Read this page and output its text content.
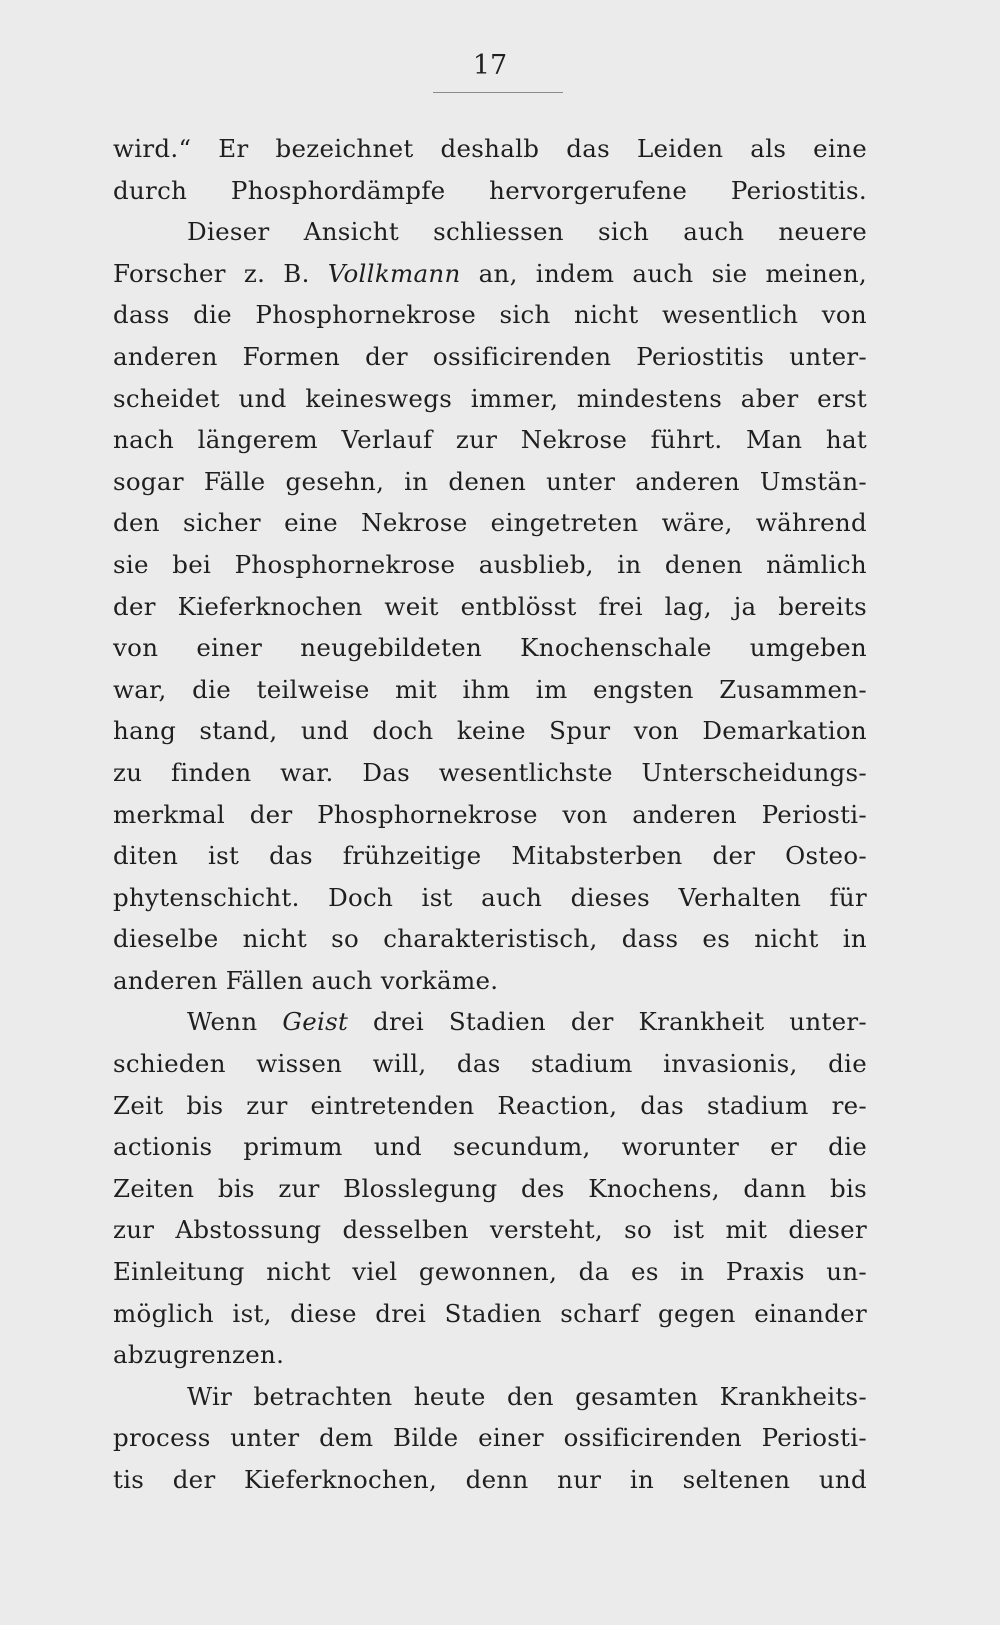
17
wird.“ Er bezeichnet deshalb das Leiden als eine
durch Phosphordämpfe hervorgerufene Periostitis.
Dieser Ansicht schliessen sich auch neuere
Forscher z. B. Vollkmann an, indem auch sie meinen,
dass die Phosphornekrose sich nicht wesentlich von
anderen Formen der ossificirenden Periostitis unter-
scheidet und keineswegs immer, mindestens aber erst
nach längerem Verlauf zur Nekrose führt. Man hat
sogar Fälle gesehn, in denen unter anderen Umstän-
den sicher eine Nekrose eingetreten wäre, während
sie bei Phosphornekrose ausblieb, in denen nämlich
der Kieferknochen weit entblösst frei lag, ja bereits
von einer neugebildeten Knochenschale umgeben
war, die teilweise mit ihm im engsten Zusammen-
hang stand, und doch keine Spur von Demarkation
zu finden war. Das wesentlichste Unterscheidungs-
merkmal der Phosphornekrose von anderen Periosti-
diten ist das frühzeitige Mitabsterben der Osteo-
phytenschicht. Doch ist auch dieses Verhalten für
dieselbe nicht so charakteristisch, dass es nicht in
anderen Fällen auch vorkäme.
Wenn Geist drei Stadien der Krankheit unter-
schieden wissen will, das stadium invasionis, die
Zeit bis zur eintretenden Reaction, das stadium re-
actionis primum und secundum, worunter er die
Zeiten bis zur Blosslegung des Knochens, dann bis
zur Abstossung desselben versteht, so ist mit dieser
Einleitung nicht viel gewonnen, da es in Praxis un-
möglich ist, diese drei Stadien scharf gegen einander
abzugrenzen.
Wir betrachten heute den gesamten Krankheits-
process unter dem Bilde einer ossificirenden Periosti-
tis der Kieferknochen, denn nur in seltenen und
